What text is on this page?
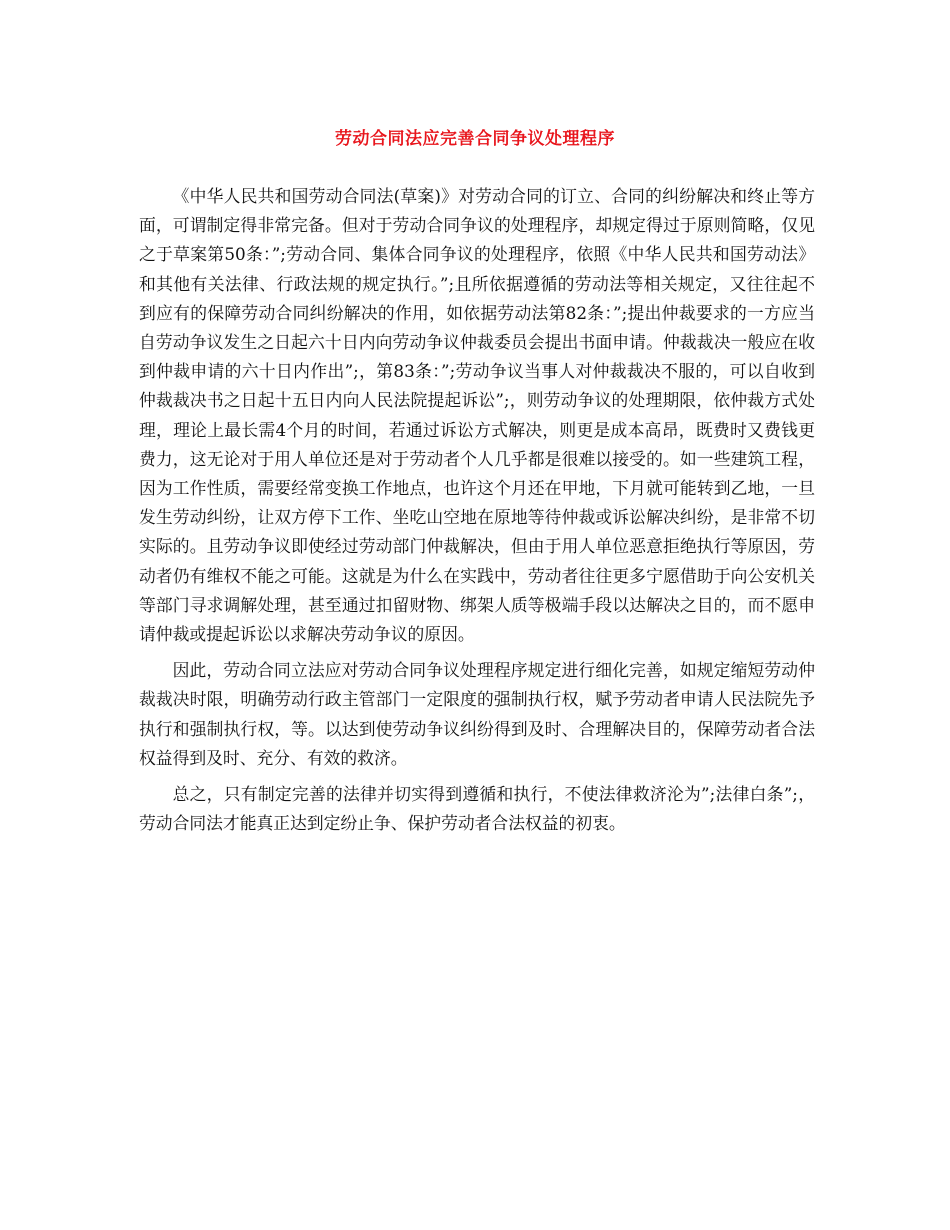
劳动合同法应完善合同争议处理程序

《中华人民共和国劳动合同法(草案)》对劳动合同的订立、合同的纠纷解决和终止等方面，可谓制定得非常完备。但对于劳动合同争议的处理程序，却规定得过于原则简略，仅见之于草案第50条：”;劳动合同、集体合同争议的处理程序，依照《中华人民共和国劳动法》和其他有关法律、行政法规的规定执行。”;且所依据遵循的劳动法等相关规定，又往往起不到应有的保障劳动合同纠纷解决的作用，如依据劳动法第82条：”;提出仲裁要求的一方应当自劳动争议发生之日起六十日内向劳动争议仲裁委员会提出书面申请。仲裁裁决一般应在收到仲裁申请的六十日内作出”;，第83条：”;劳动争议当事人对仲裁裁决不服的，可以自收到仲裁裁决书之日起十五日内向人民法院提起诉讼”;，则劳动争议的处理期限，依仲裁方式处理，理论上最长需4个月的时间，若通过诉讼方式解决，则更是成本高昂，既费时又费钱更费力，这无论对于用人单位还是对于劳动者个人几乎都是很难以接受的。如一些建筑工程，因为工作性质，需要经常变换工作地点，也许这个月还在甲地，下月就可能转到乙地，一旦发生劳动纠纷，让双方停下工作、坐吃山空地在原地等待仲裁或诉讼解决纠纷，是非常不切实际的。且劳动争议即使经过劳动部门仲裁解决，但由于用人单位恶意拒绝执行等原因，劳动者仍有维权不能之可能。这就是为什么在实践中，劳动者往往更多宁愿借助于向公安机关等部门寻求调解处理，甚至通过扣留财物、绑架人质等极端手段以达解决之目的，而不愿申请仲裁或提起诉讼以求解决劳动争议的原因。

因此，劳动合同立法应对劳动合同争议处理程序规定进行细化完善，如规定缩短劳动仲裁裁决时限，明确劳动行政主管部门一定限度的强制执行权，赋予劳动者申请人民法院先予执行和强制执行权，等。以达到使劳动争议纠纷得到及时、合理解决目的，保障劳动者合法权益得到及时、充分、有效的救济。

总之，只有制定完善的法律并切实得到遵循和执行，不使法律救济沦为”;法律白条”;，劳动合同法才能真正达到定纷止争、保护劳动者合法权益的初衷。
